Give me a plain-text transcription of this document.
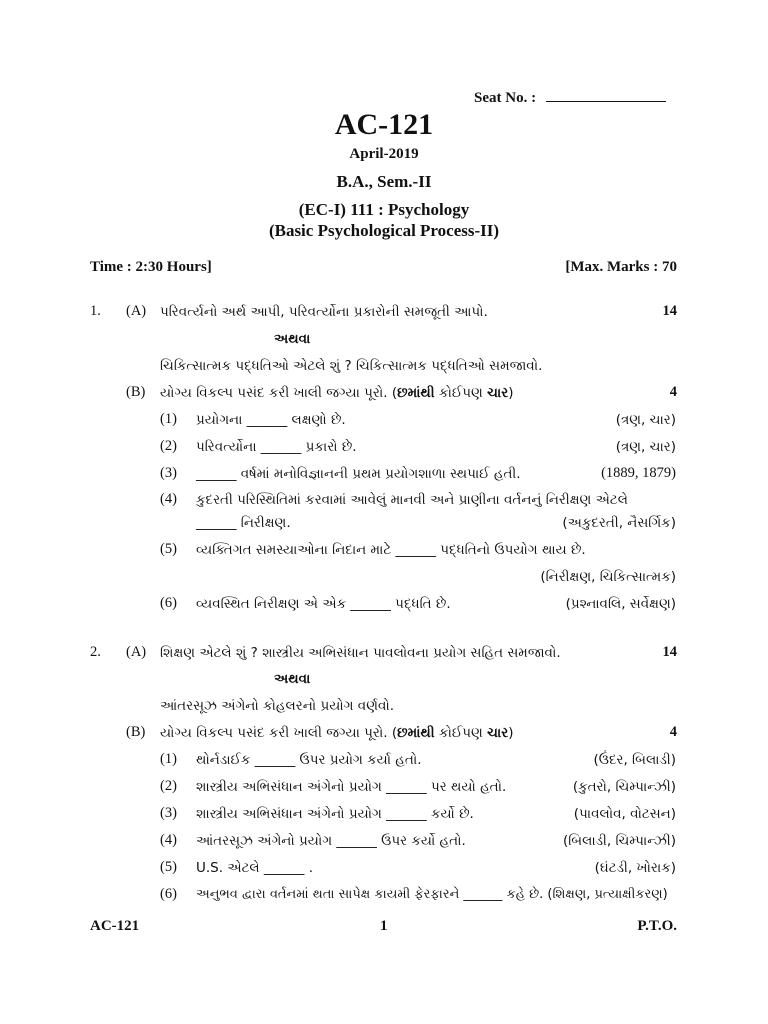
Seat No. :
AC-121
April-2019
B.A., Sem.-II
(EC-I) 111 : Psychology
(Basic Psychological Process-II)
Time : 2:30 Hours]	[Max. Marks : 70
1. (A) પરિવર્ત્યનો અર્થ આપી, પરિવર્ત્યોના પ્રકારોની સમજૂતી આપો.	14
અથવા
ચિકિત્સાત્મક પદ્ધતિઓ એટલે શું ? ચિકિત્સાત્મક પદ્ધતિઓ સમજાવો.
(B) યોગ્ય વિકલ્પ પસંદ કરી ખાલી જગ્યા પૂરો. (છમાંથી કોઈપણ ચાર)	4
(1) પ્રયોગના ______ લક્ષણો છે.	(ત્રણ, ચાર)
(2) પરિવર્ત્યોના ______ પ્રકારો છે.	(ત્રણ, ચાર)
(3) ______ વર્ષમાં મનોવિજ્ઞાનની પ્રથમ પ્રયોગશાળા સ્થપાઈ હતી.	(1889, 1879)
(4) કુદરતી પરિસ્થિતિમાં કરવામાં આવેલું માનવી અને પ્રાણીના વર્તનનું નિરીક્ષણ એટલે
______ નિરીક્ષણ.	(અકુદરતી, નૈસર્ગિક)
(5) વ્યક્તિગત સમસ્યાઓના નિદાન માટે ______ પદ્ધતિનો ઉપયોગ થાય છે.
(નિરીક્ષણ, ચિકિત્સાત્મક)
(6) વ્યવસ્થિત નિરીક્ષણ એ એક ______ પદ્ધતિ છે.	(પ્રશ્નાવલિ, સર્વેક્ષણ)
2. (A) શિક્ષણ એટલે શું ? શાસ્ત્રીય અભિસંધાન પાવલોવના પ્રયોગ સહિત સમજાવો.	14
અથવા
આંતરસૂઝ અંગેનો કોહલરનો પ્રયોગ વર્ણવો.
(B) યોગ્ય વિકલ્પ પસંદ કરી ખાલી જગ્યા પૂરો. (છમાંથી કોઈપણ ચાર)	4
(1) થોર્નડાઈક ______ ઉપર પ્રયોગ કર્યા હતો.	(ઉંદર, બિલાડી)
(2) શાસ્ત્રીય અભિસંધાન અંગેનો પ્રયોગ ______ પર થયો હતો.	(કુતરો, ચિમ્પાન્ઝી)
(3) શાસ્ત્રીય અભિસંધાન અંગેનો પ્રયોગ ______ કર્યો છે.	(પાવલોવ, વોટસન)
(4) આંતરસૂઝ અંગેનો પ્રયોગ ______ ઉપર કર્યો હતો.	(બિલાડી, ચિમ્પાન્ઝી)
(5) U.S. એટલે ______ .	(ઘંટડી, ખોરાક)
(6) અનુભવ દ્વારા વર્તનમાં થતા સાપેક્ષ કાયમી ફેરફારને ______ કહે છે. (શિક્ષણ, પ્રત્યાક્ષીકરણ)
AC-121	1	P.T.O.
